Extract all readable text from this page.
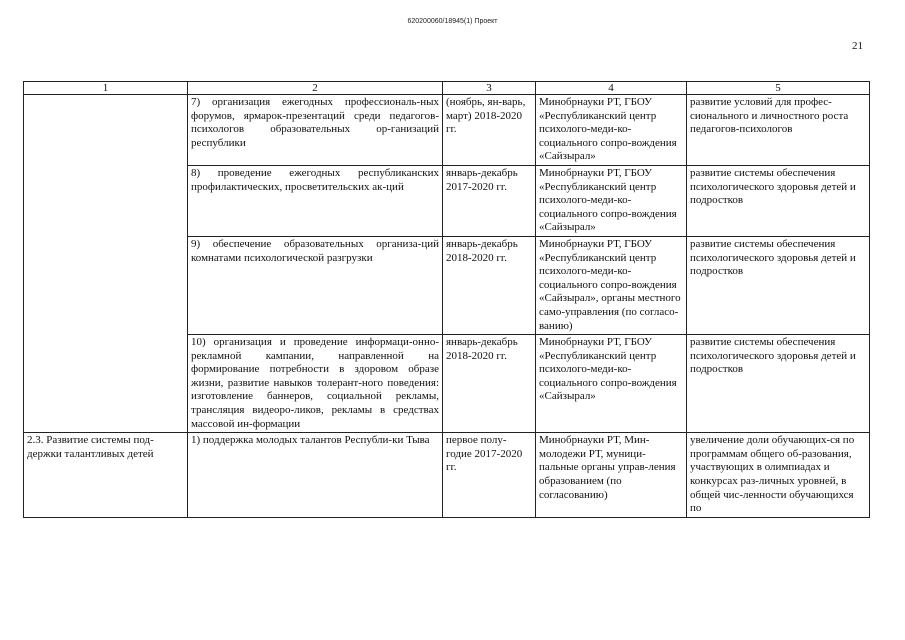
620200060/18945(1) Проект
21
1	2	3	4	5
	7) организация ежегодных профессиональ-ных форумов, ярмарок-презентаций среди педагогов-психологов образовательных ор-ганизаций республики	(ноябрь, ян-варь, март) 2018-2020 гг.	Минобрнауки РТ, ГБОУ «Республиканский центр психолого-меди-ко-социального сопро-вождения «Сайзырал»	развитие условий для профес-сионального и личностного роста педагогов-психологов
	8) проведение ежегодных республиканских профилактических, просветительских ак-ций	январь-декабрь 2017-2020 гг.	Минобрнауки РТ, ГБОУ «Республиканский центр психолого-меди-ко-социального сопро-вождения «Сайзырал»	развитие системы обеспечения психологического здоровья детей и подростков
	9) обеспечение образовательных организа-ций комнатами психологической разгрузки	январь-декабрь 2018-2020 гг.	Минобрнауки РТ, ГБОУ «Республиканский центр психолого-меди-ко-социального сопро-вождения «Сайзырал», органы местного само-управления (по согласо-ванию)	развитие системы обеспечения психологического здоровья детей и подростков
	10) организация и проведение информаци-онно-рекламной кампании, направленной на формирование потребности в здоровом образе жизни, развитие навыков толерант-ного поведения: изготовление баннеров, социальной рекламы, трансляция видеоро-ликов, рекламы в средствах массовой ин-формации	январь-декабрь 2018-2020 гг.	Минобрнауки РТ, ГБОУ «Республиканский центр психолого-меди-ко-социального сопро-вождения «Сайзырал»	развитие системы обеспечения психологического здоровья детей и подростков
2.3. Развитие системы под-держки талантливых детей	1) поддержка молодых талантов Республи-ки Тыва	первое полу-годие 2017-2020 гг.	Минобрнауки РТ, Мин-молодежи РТ, муници-пальные органы управ-ления образованием (по согласованию)	увеличение доли обучающих-ся по программам общего об-разования, участвующих в олимпиадах и конкурсах раз-личных уровней, в общей чис-ленности обучающихся по
